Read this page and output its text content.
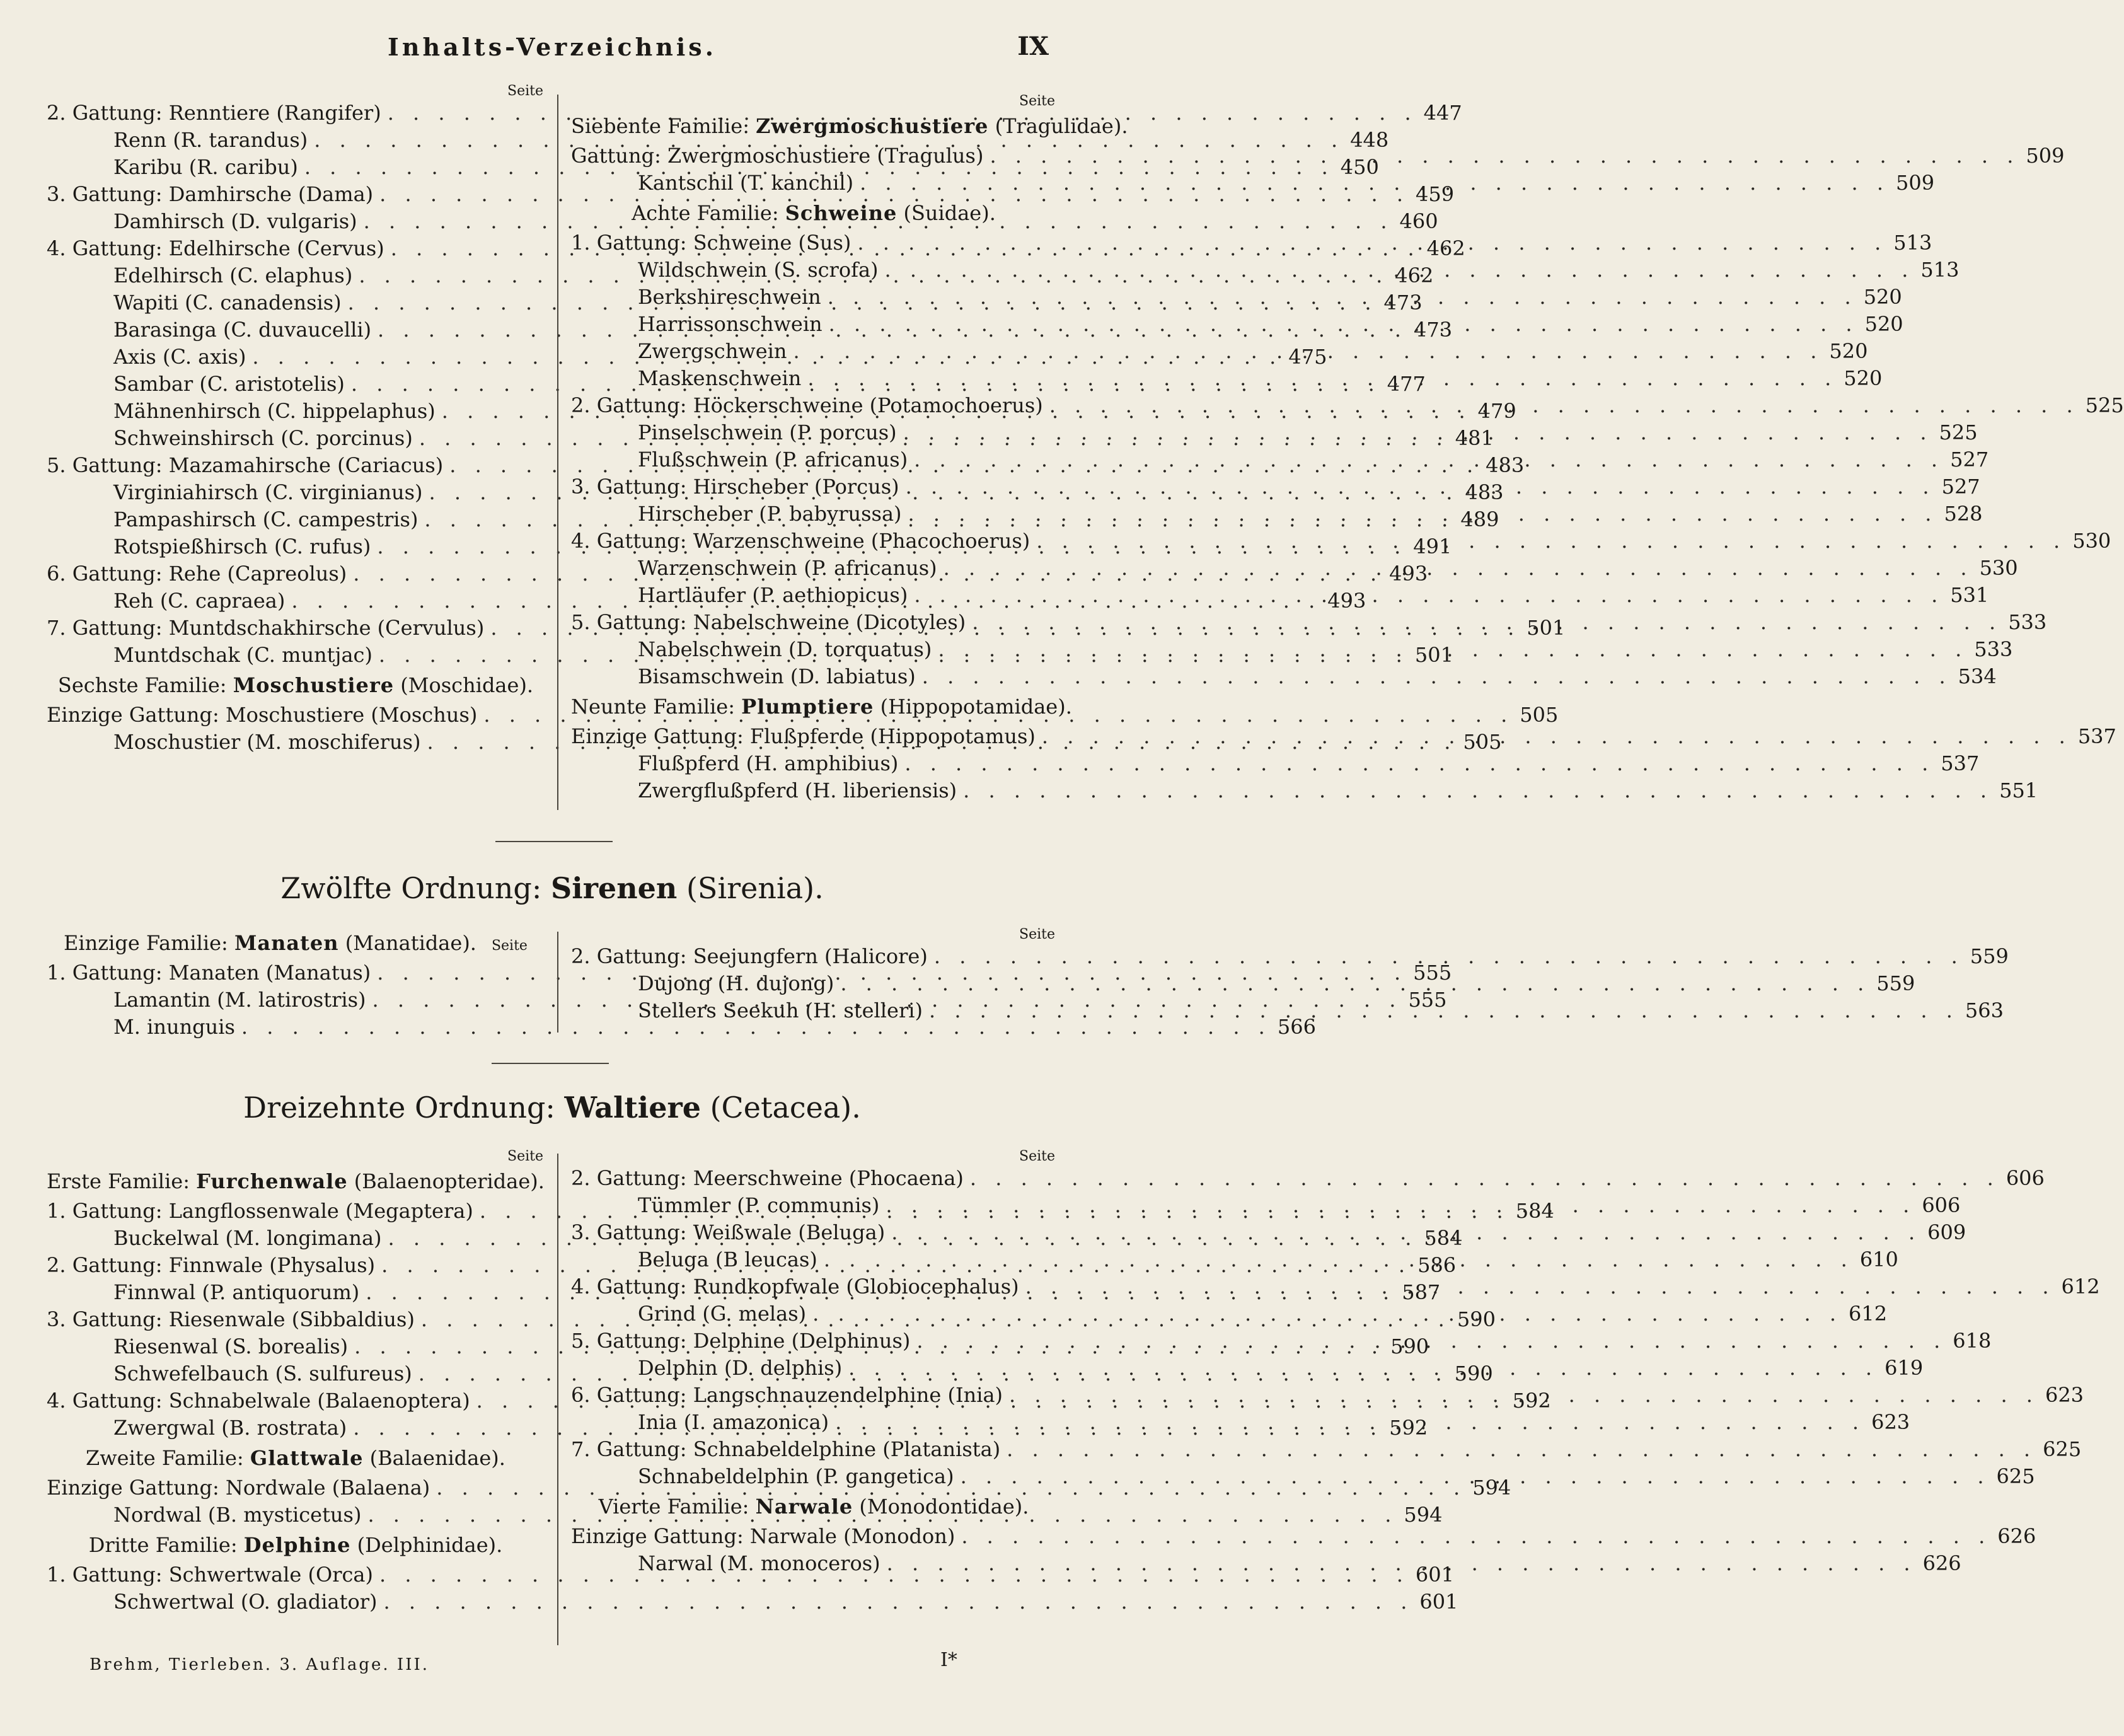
Inhalts-Verzeichnis.	IX
Seite
2. Gattung: Renntiere (Rangifer) . . .	447
Renn (R. tarandus) . . .	448
Karibu (R. caribu) . . .	450
3. Gattung: Damhirsche (Dama) . . .	459
Damhirsch (D. vulgaris) . . .	460
4. Gattung: Edelhirsche (Cervus) . . .	462
Edelhirsch (C. elaphus) . . .	462
Wapiti (C. canadensis) . . .	473
Barasinga (C. duvaucelli) . . .	473
Axis (C. axis) . . .	475
Sambar (C. aristotelis) . . .	477
Mähnenhirsch (C. hippelaphus) . . .	479
Schweinshirsch (C. porcinus) . . .	481
5. Gattung: Mazamahirsche (Cariacus) . . .	483
Virginiahirsch (C. virginianus) . . .	483
Pampashirsch (C. campestris) . . .	489
Rotspießhirsch (C. rufus) . . .	491
6. Gattung: Rehe (Capreolus) . . .	493
Reh (C. capraea) . . .	493
7. Gattung: Muntdschakhirsche (Cervulus) . . .	501
Muntdschak (C. muntjac) . . .	501
Sechste Familie: Moschustiere (Moschidae).
Einzige Gattung: Moschustiere (Moschus) . . .	505
Moschustier (M. moschiferus) . . .	505
Seite
Siebente Familie: Zwergmoschustiere (Tragulidae).
Gattung: Zwergmoschustiere (Tragulus) . . .	509
Kantschil (T. kanchil) . . .	509
Achte Familie: Schweine (Suidae).
1. Gattung: Schweine (Sus) . . .	513
Wildschwein (S. scrofa) . . .	513
Berkshireschwein . . .	520
Harrissonschwein . . .	520
Zwergschwein . . .	520
Maskenschwein . . .	520
2. Gattung: Höckerschweine (Potamochoerus) . . .	525
Pinselschwein (P. porcus) . . .	525
Flußschwein (P. africanus) . . .	527
3. Gattung: Hirscheber (Porcus) . . .	527
Hirscheber (P. babyrussa) . . .	528
4. Gattung: Warzenschweine (Phacochoerus) . . .	530
Warzenschwein (P. africanus) . . .	530
Hartläufer (P. aethiopicus) . . .	531
5. Gattung: Nabelschweine (Dicotyles) . . .	533
Nabelschwein (D. torquatus) . . .	533
Bisamschwein (D. labiatus) . . .	534
Neunte Familie: Plumptiere (Hippopotamidae).
Einzige Gattung: Flußpferde (Hippopotamus) . . .	537
Flußpferd (H. amphibius) . . .	537
Zwergflußpferd (H. liberiensis) . . .	551
Zwölfte Ordnung: Sirenen (Sirenia).
Einzige Familie: Manaten (Manatidae). Seite
1. Gattung: Manaten (Manatus) . . .	555
Lamantin (M. latirostris) . . .	555
M. inunguis . . .	566
Seite
2. Gattung: Seejungfern (Halicore) . . .	559
Dujong (H. dujong) . . .	559
Stellers Seekuh (H. stelleri) . . .	563
Dreizehnte Ordnung: Waltiere (Cetacea).
Seite
Erste Familie: Furchenwale (Balaenopteridae).
1. Gattung: Langflossenwale (Megaptera) . . .	584
Buckelwal (M. longimana) . . .	584
2. Gattung: Finnwale (Physalus) . . .	586
Finnwal (P. antiquorum) . . .	587
3. Gattung: Riesenwale (Sibbaldius) . . .	590
Riesenwal (S. borealis) . . .	590
Schwefelbauch (S. sulfureus) . . .	590
4. Gattung: Schnabelwale (Balaenoptera) . . .	592
Zwergwal (B. rostrata) . . .	592
Zweite Familie: Glattwale (Balaenidae).
Einzige Gattung: Nordwale (Balaena) . . .	594
Nordwal (B. mysticetus) . . .	594
Dritte Familie: Delphine (Delphinidae).
1. Gattung: Schwertwale (Orca) . . .	601
Schwertwal (O. gladiator) . . .	601
Seite
2. Gattung: Meerschweine (Phocaena) . . .	606
Tümmler (P. communis) . . .	606
3. Gattung: Weißwale (Beluga) . . .	609
Beluga (B leucas) . . .	610
4. Gattung: Rundkopfwale (Globiocephalus) . . .	612
Grind (G. melas) . . .	612
5. Gattung: Delphine (Delphinus) . . .	618
Delphin (D. delphis) . . .	619
6. Gattung: Langschnauzendelphine (Inia) . . .	623
Inia (I. amazonica) . . .	623
7. Gattung: Schnabeldelphine (Platanista) . . .	625
Schnabeldelphin (P. gangetica) . . .	625
Vierte Familie: Narwale (Monodontidae).
Einzige Gattung: Narwale (Monodon) . . .	626
Narwal (M. monoceros) . . .	626
Brehm, Tierleben. 3. Auflage. III.	I*
